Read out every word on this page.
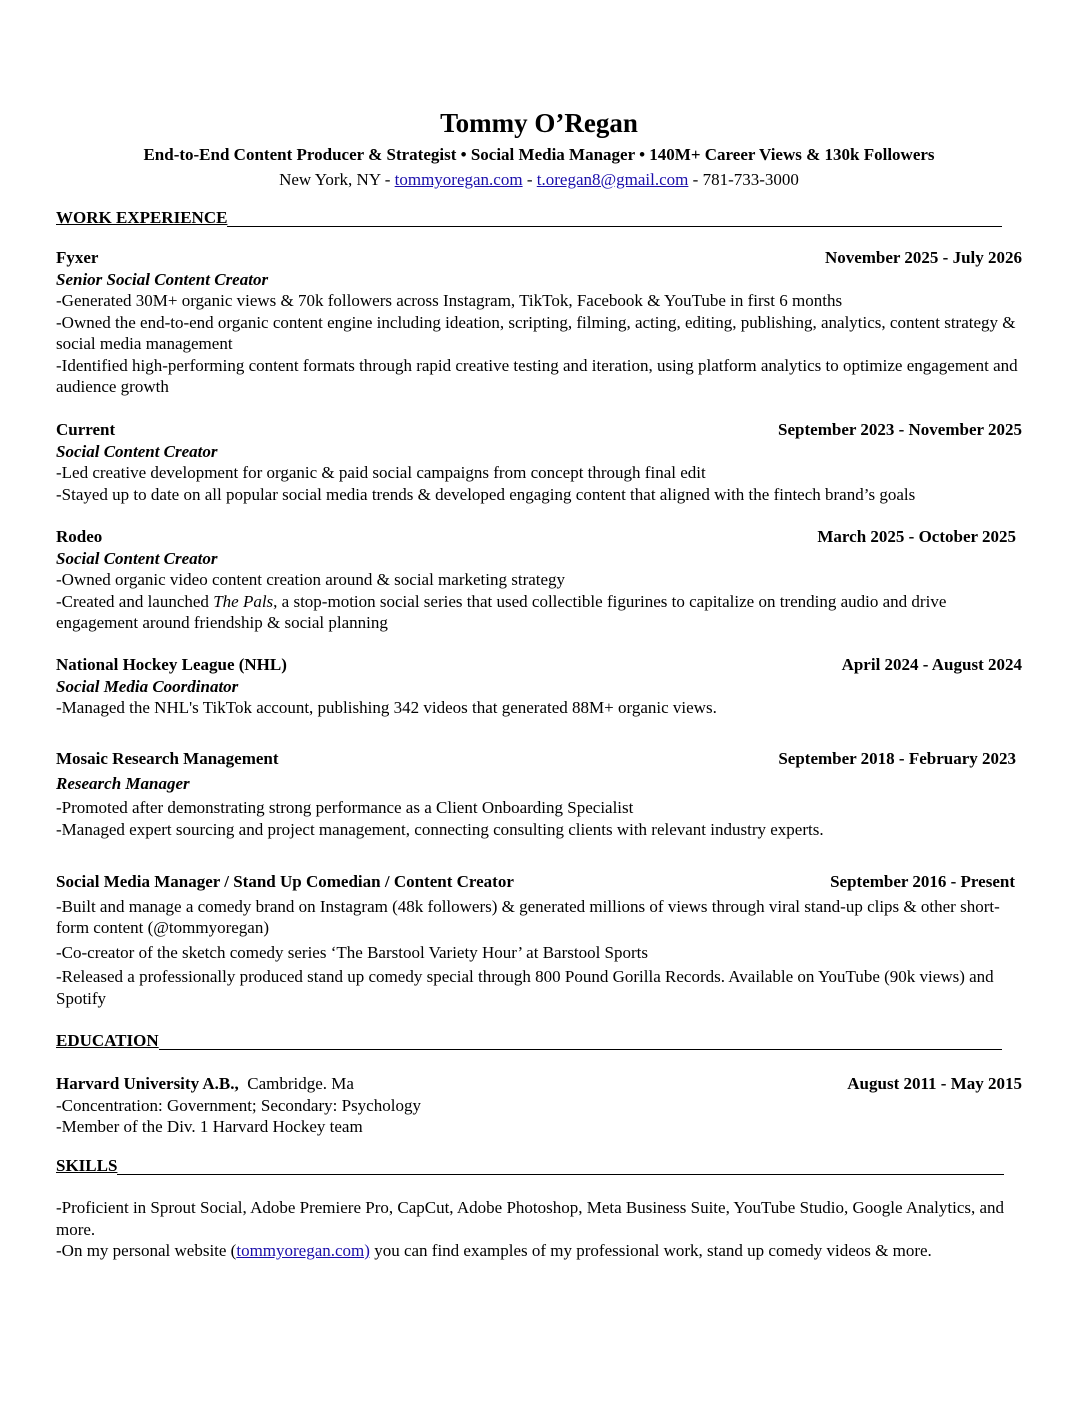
Tommy O’Regan
End-to-End Content Producer & Strategist • Social Media Manager • 140M+ Career Views & 130k Followers
New York, NY - tommyoregan.com - t.oregan8@gmail.com - 781-733-3000
WORK EXPERIENCE
Fyxer	November 2025 - July 2026
Senior Social Content Creator

-Generated 30M+ organic views & 70k followers across Instagram, TikTok, Facebook & YouTube in first 6 months

-Owned the end-to-end organic content engine including ideation, scripting, filming, acting, editing, publishing, analytics, content strategy & social media management

-Identified high-performing content formats through rapid creative testing and iteration, using platform analytics to optimize engagement and audience growth

Current	September 2023 - November 2025
Social Content Creator

-Led creative development for organic & paid social campaigns from concept through final edit

-Stayed up to date on all popular social media trends & developed engaging content that aligned with the fintech brand’s goals

Rodeo	March 2025 - October 2025
Social Content Creator

-Owned organic video content creation around & social marketing strategy

-Created and launched The Pals, a stop-motion social series that used collectible figurines to capitalize on trending audio and drive engagement around friendship & social planning

National Hockey League (NHL)	April 2024 - August 2024
Social Media Coordinator

-Managed the NHL's TikTok account, publishing 342 videos that generated 88M+ organic views.

Mosaic Research Management	September 2018 - February 2023
Research Manager

-Promoted after demonstrating strong performance as a Client Onboarding Specialist

-Managed expert sourcing and project management, connecting consulting clients with relevant industry experts.

Social Media Manager / Stand Up Comedian / Content Creator	September 2016 - Present

-Built and manage a comedy brand on Instagram (48k followers) & generated millions of views through viral stand-up clips & other short-form content (@tommyoregan)

-Co-creator of the sketch comedy series ‘The Barstool Variety Hour’ at Barstool Sports

-Released a professionally produced stand up comedy special through 800 Pound Gorilla Records. Available on YouTube (90k views) and Spotify

EDUCATION
Harvard University A.B., Cambridge. Ma	August 2011 - May 2015

-Concentration: Government; Secondary: Psychology

-Member of the Div. 1 Harvard Hockey team

SKILLS

-Proficient in Sprout Social, Adobe Premiere Pro, CapCut, Adobe Photoshop, Meta Business Suite, YouTube Studio, Google Analytics, and more.

-On my personal website (tommyoregan.com) you can find examples of my professional work, stand up comedy videos & more.
